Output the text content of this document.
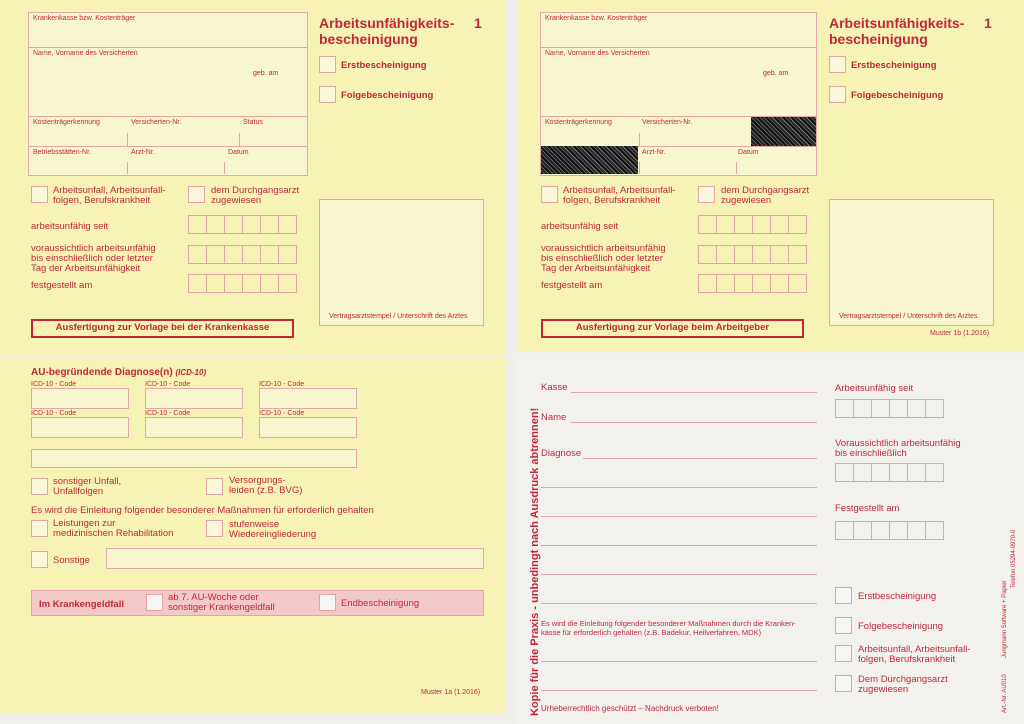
Krankenkasse bzw. Kostenträger
Name, Vorname des Versicherten
geb. am
Kostenträgerkennung	Versicherten-Nr.	Status
Betriebsstätten-Nr.	Arzt-Nr.	Datum
Arbeitsunfähigkeits-
bescheinigung
1
Erstbescheinigung
Folgebescheinigung
Arbeitsunfall, Arbeitsunfall-
folgen, Berufskrankheit
dem Durchgangsarzt
zugewiesen
arbeitsunfähig seit
voraussichtlich arbeitsunfähig
bis einschließlich oder letzter
Tag der Arbeitsunfähigkeit
festgestellt am
Vertragsarztstempel / Unterschrift des Arztes
Ausfertigung zur Vorlage bei der Krankenkasse
Krankenkasse bzw. Kostenträger
Name, Vorname des Versicherten
geb. am
Kostenträgerkennung	Versicherten-Nr.
Arzt-Nr.	Datum
Arbeitsunfähigkeits-
bescheinigung
1
Erstbescheinigung
Folgebescheinigung
Arbeitsunfall, Arbeitsunfall-
folgen, Berufskrankheit
dem Durchgangsarzt
zugewiesen
arbeitsunfähig seit
voraussichtlich arbeitsunfähig
bis einschließlich oder letzter
Tag der Arbeitsunfähigkeit
festgestellt am
Vertragsarztstempel / Unterschrift des Arztes
Ausfertigung zur Vorlage beim Arbeitgeber
Muster 1b (1.2016)
AU-begründende Diagnose(n) (ICD-10)
ICD-10 - Code	ICD-10 - Code	ICD-10 - Code
ICD-10 - Code	ICD-10 - Code	ICD-10 - Code
sonstiger Unfall,
Unfallfolgen
Versorgungs-
leiden (z.B. BVG)
Es wird die Einleitung folgender besonderer Maßnahmen für erforderlich gehalten
Leistungen zur
medizinischen Rehabilitation
stufenweise
Wiedereingliederung
Sonstige
Im Krankengeldfall
ab 7. AU-Woche oder
sonstiger Krankengeldfall	Endbescheinigung
Muster 1a (1.2016)	Kopie für die Praxis - unbedingt nach Ausdruck abtrennen!
Kasse
Name
Diagnose
Es wird die Einleitung folgender besonderer Maßnahmen durch die Kranken-
kasse für erforderlich gehalten (z.B. Badekur, Heilverfahren, MDK)
Urheberrechtlich geschützt – Nachdruck verboten!
Arbeitsunfähig seit
Voraussichtlich arbeitsunfähig
bis einschließlich
Festgestellt am
Erstbescheinigung
Folgebescheinigung
Arbeitsunfall, Arbeitsunfall-
folgen, Berufskrankheit
Dem Durchgangsarzt
zugewiesen	Art.-Nr. AU010
Jungmann Software + Papier
Telefon 05294-9970-0
